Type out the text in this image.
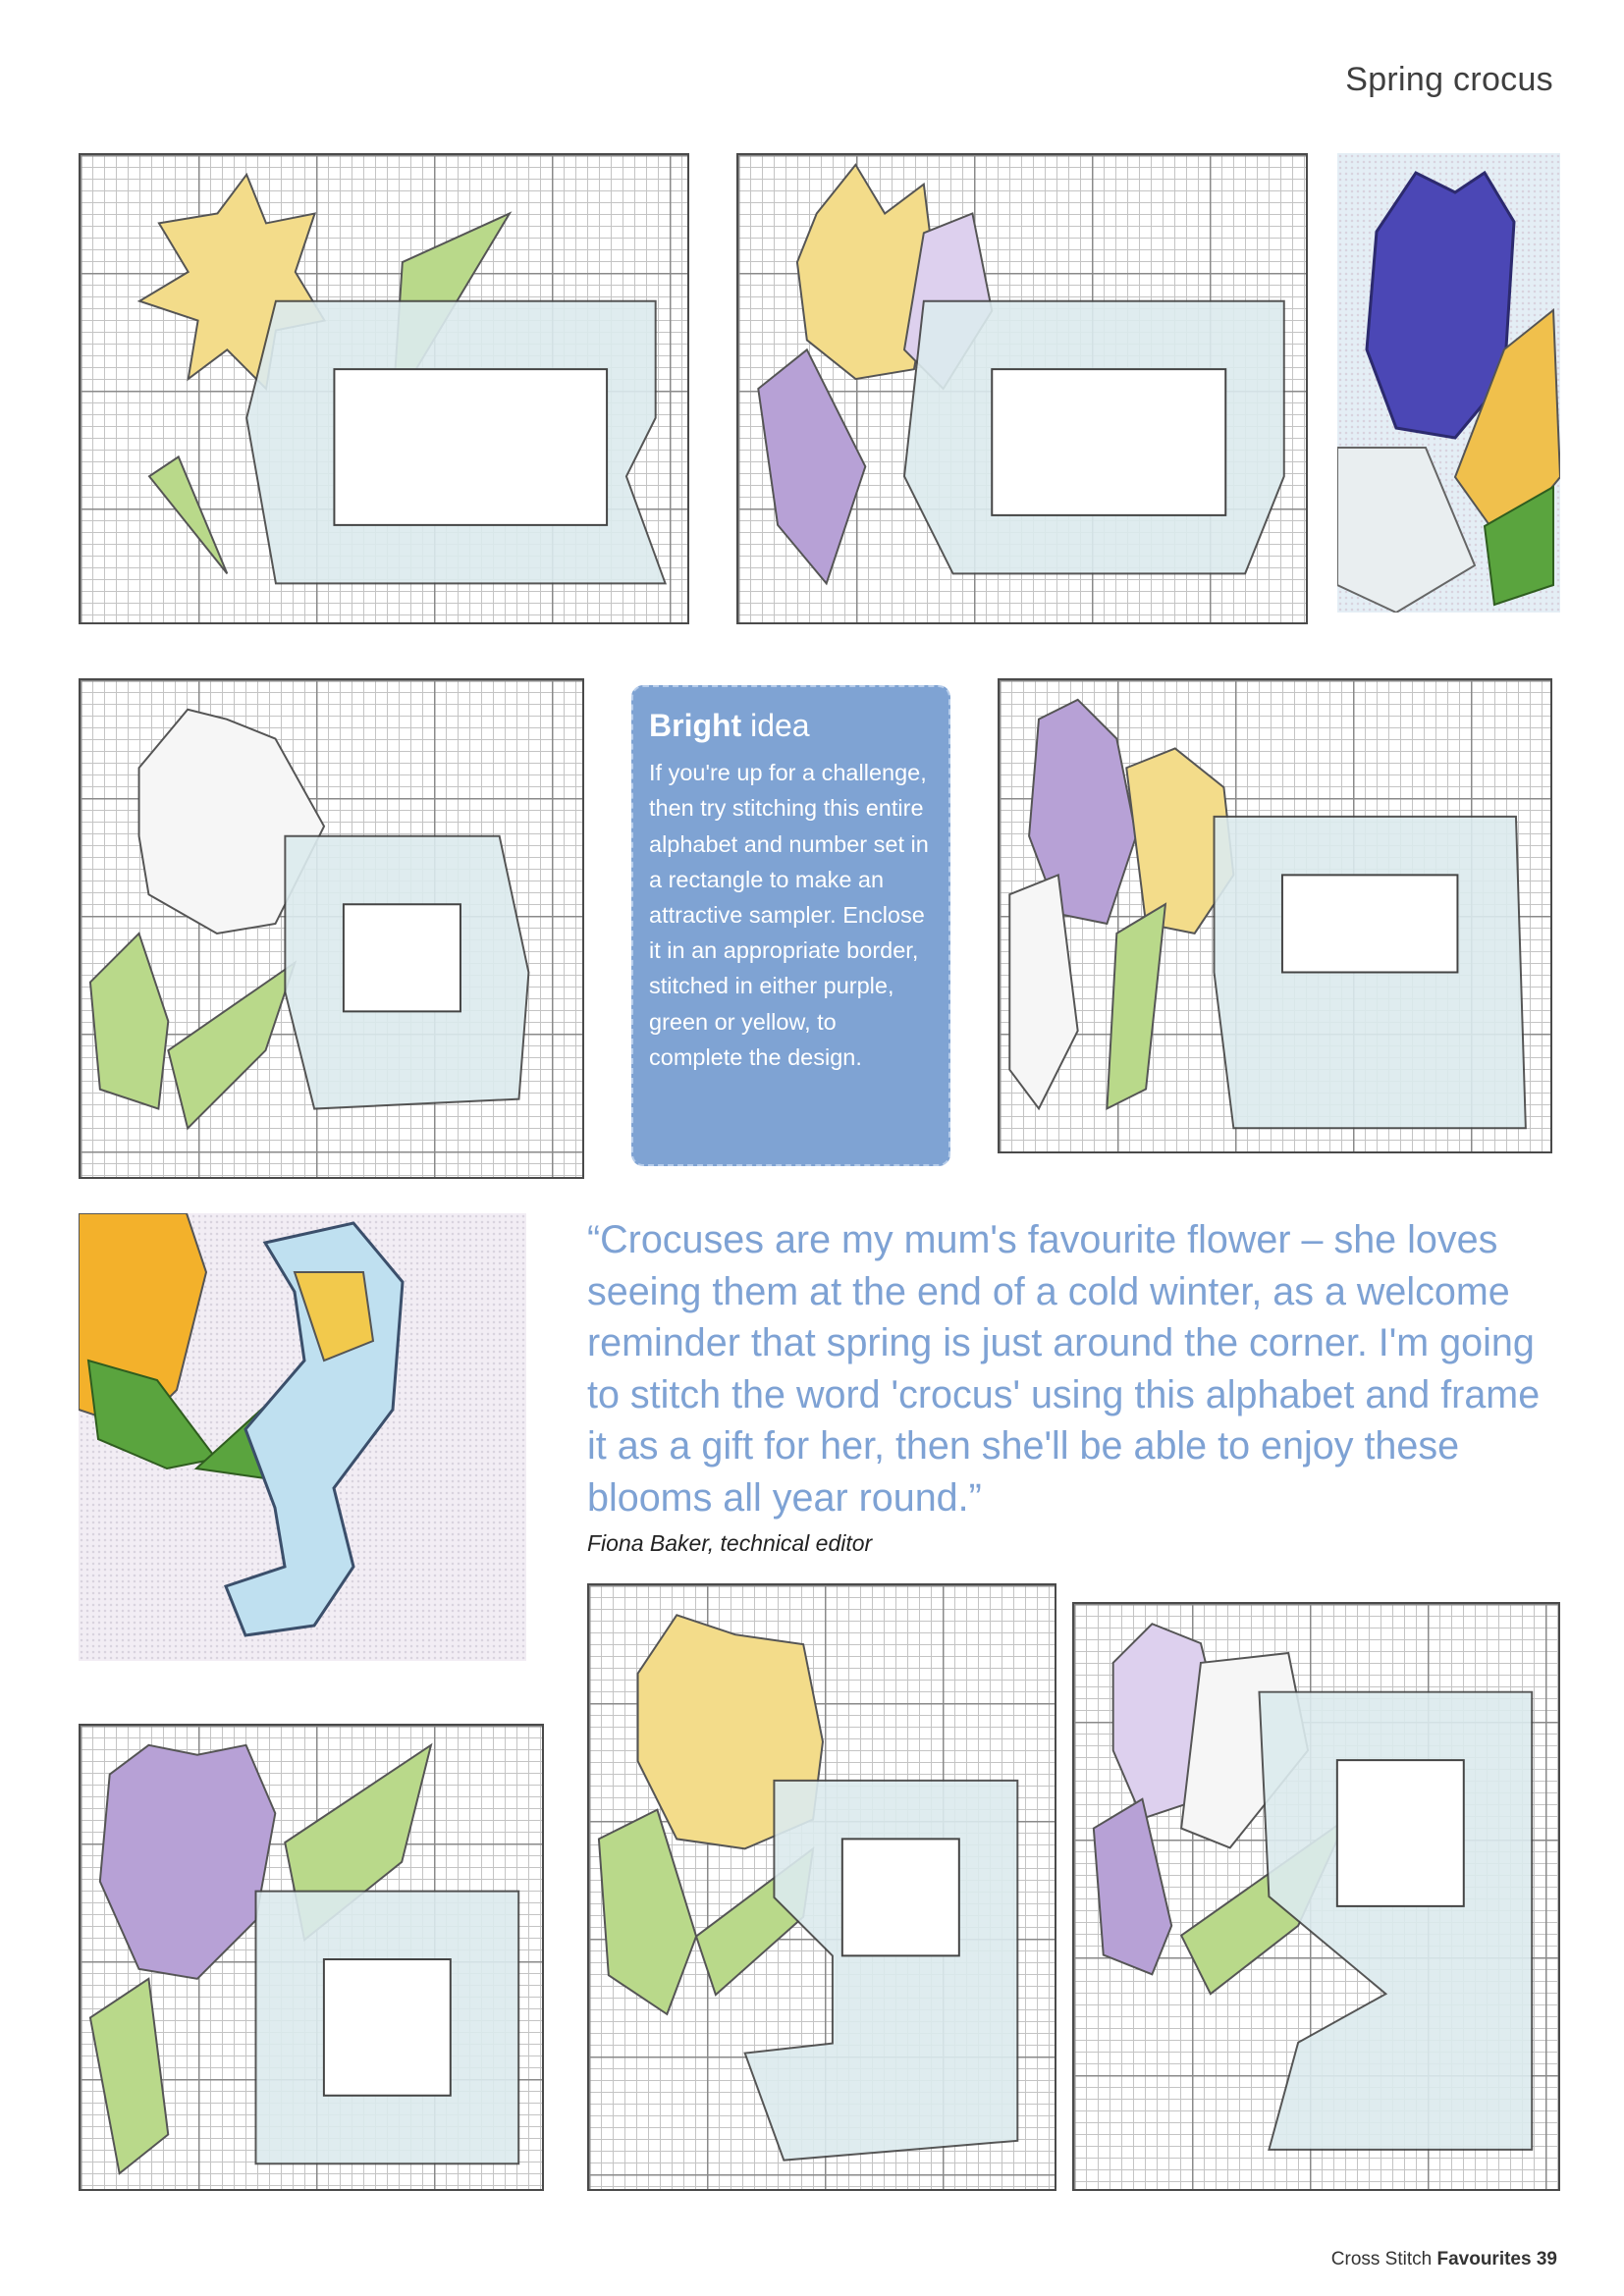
Spring crocus
Bright idea
If you're up for a challenge, then try stitching this entire alphabet and number set in a rectangle to make an attractive sampler. Enclose it in an appropriate border, stitched in either purple, green or yellow, to complete the design.
“Crocuses are my mum's favourite flower – she loves seeing them at the end of a cold winter, as a welcome reminder that spring is just around the corner. I'm going to stitch the word 'crocus' using this alphabet and frame it as a gift for her, then she'll be able to enjoy these blooms all year round.”
Fiona Baker, technical editor
Cross Stitch Favourites 39
